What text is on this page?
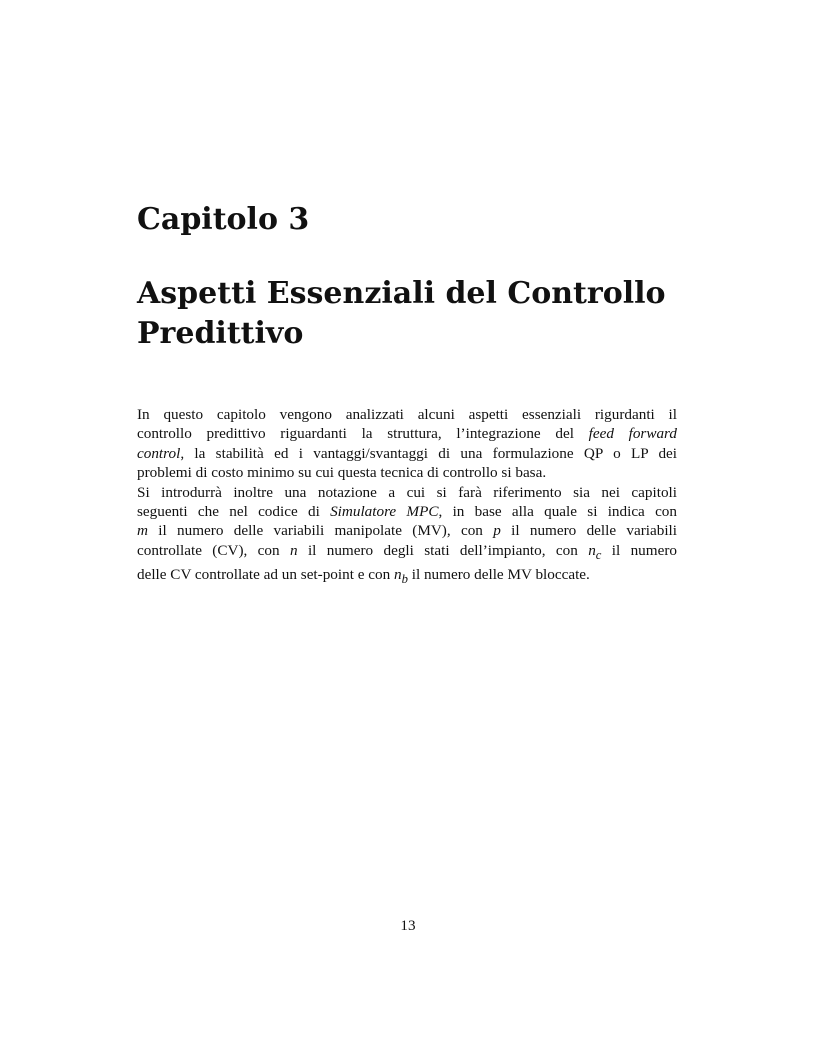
Capitolo 3
Aspetti Essenziali del Controllo
Predittivo
In questo capitolo vengono analizzati alcuni aspetti essenziali rigurdanti il
controllo predittivo riguardanti la struttura, l’integrazione del feed forward
control, la stabilità ed i vantaggi/svantaggi di una formulazione QP o LP dei
problemi di costo minimo su cui questa tecnica di controllo si basa.
Si introdurrà inoltre una notazione a cui si farà riferimento sia nei capitoli
seguenti che nel codice di Simulatore MPC, in base alla quale si indica con
m il numero delle variabili manipolate (MV), con p il numero delle variabili
controllate (CV), con n il numero degli stati dell’impianto, con $n_c$ il numero
delle CV controllate ad un set-point e con $n_b$ il numero delle MV bloccate.
13
